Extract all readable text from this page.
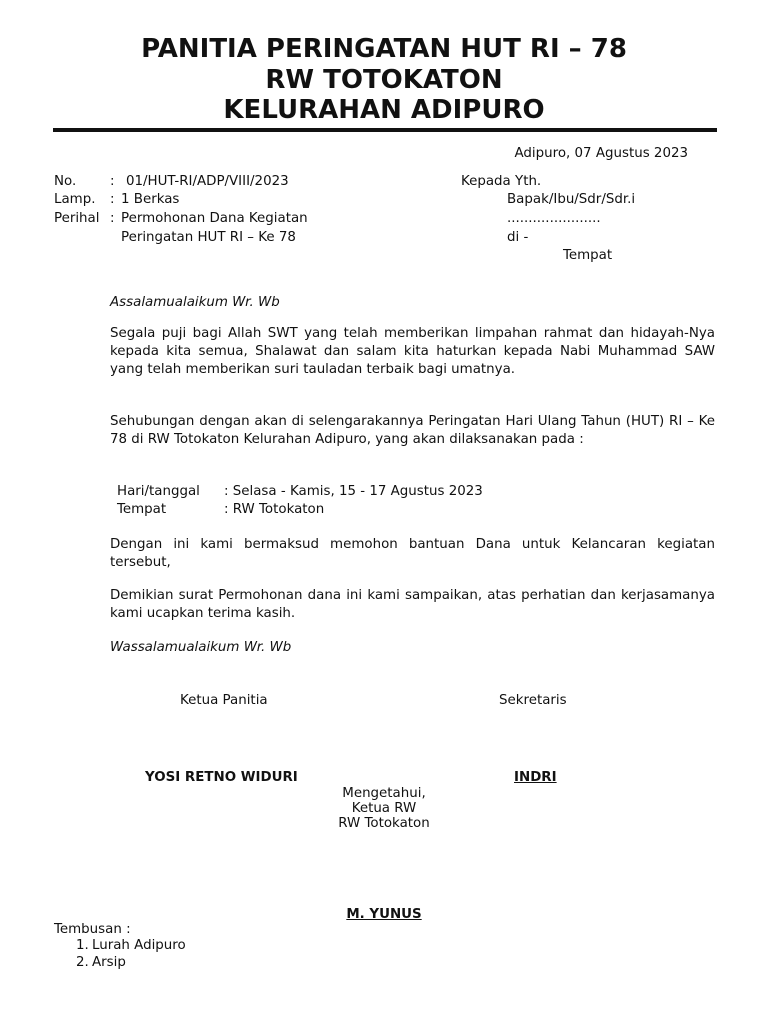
PANITIA PERINGATAN HUT RI – 78
RW TOTOKATON
KELURAHAN ADIPURO
Adipuro, 07 Agustus 2023
No.	: 01/HUT-RI/ADP/VIII/2023
Lamp. : 1 Berkas
Perihal : Permohonan Dana Kegiatan
Peringatan HUT RI – Ke 78
Kepada Yth.
Bapak/Ibu/Sdr/Sdr.i
......................
di -
Tempat
Assalamualaikum Wr. Wb
Segala puji bagi Allah SWT yang telah memberikan limpahan rahmat dan hidayah-Nya kepada kita semua, Shalawat dan salam kita haturkan kepada Nabi Muhammad SAW yang telah memberikan suri tauladan terbaik bagi umatnya.
Sehubungan dengan akan di selengarakannya Peringatan Hari Ulang Tahun (HUT) RI – Ke 78 di RW Totokaton Kelurahan Adipuro, yang akan dilaksanakan pada :
Hari/tanggal : Selasa - Kamis, 15 - 17 Agustus 2023
Tempat	: RW Totokaton
Dengan ini kami bermaksud memohon bantuan Dana untuk Kelancaran kegiatan tersebut,
Demikian surat Permohonan dana ini kami sampaikan, atas perhatian dan kerjasamanya kami ucapkan terima kasih.
Wassalamualaikum Wr. Wb
Ketua Panitia	Sekretaris
YOSI RETNO WIDURI	INDRI
Mengetahui,
Ketua RW
RW Totokaton
M. YUNUS
Tembusan :
1. Lurah Adipuro
2. Arsip
